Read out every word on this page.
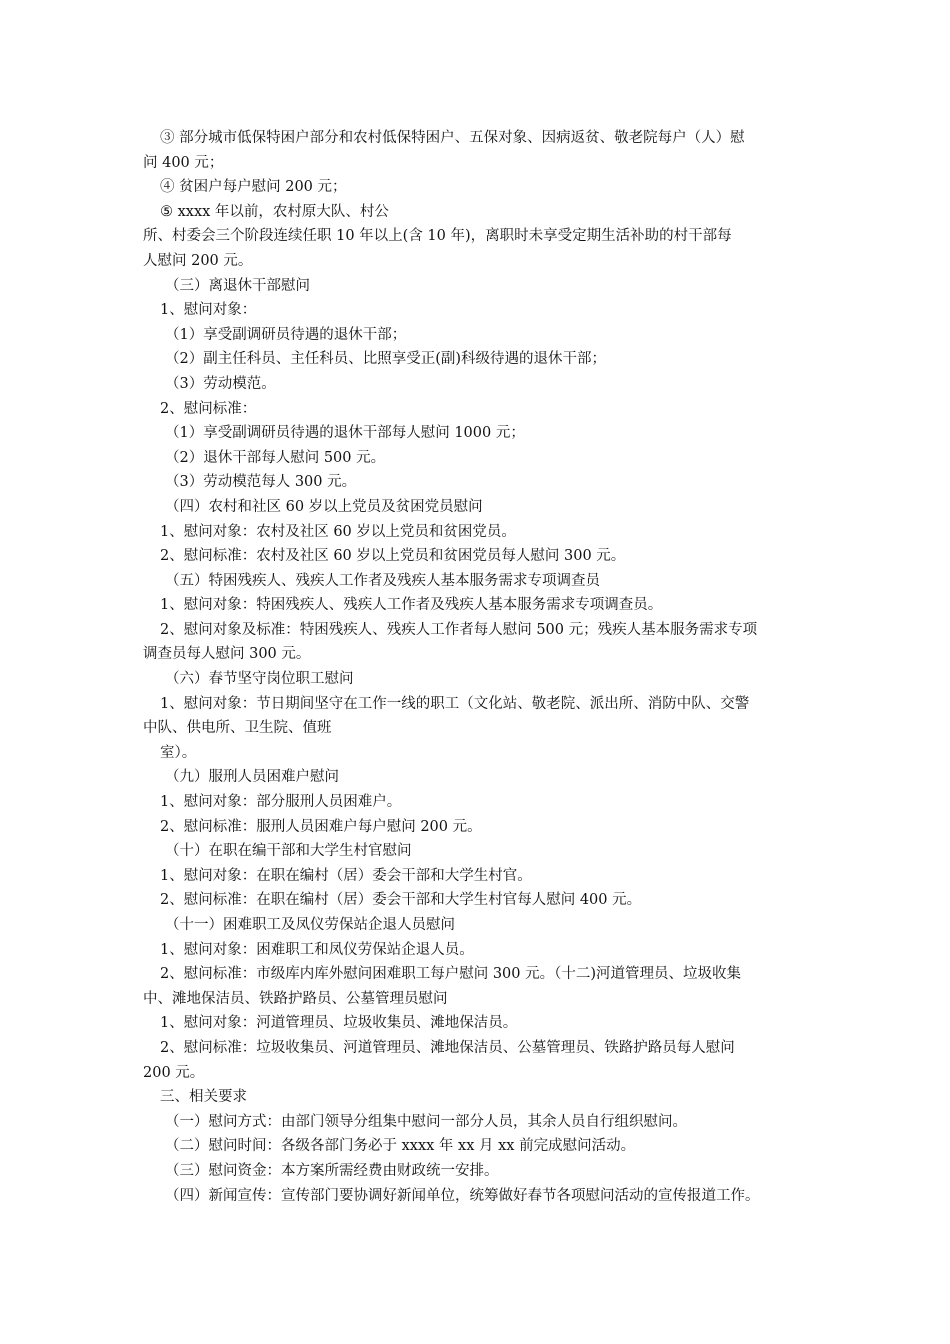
③ 部分城市低保特困户部分和农村低保特困户、五保对象、因病返贫、敬老院每户（人）慰
问 400 元；
④ 贫困户每户慰问 200 元；
⑤ xxxx 年以前，农村原大队、村公
所、村委会三个阶段连续任职 10 年以上(含 10 年)，离职时未享受定期生活补助的村干部每
人慰问 200 元。
（三）离退休干部慰问
1、慰问对象：
（1）享受副调研员待遇的退休干部；
（2）副主任科员、主任科员、比照享受正(副)科级待遇的退休干部；
（3）劳动模范。
2、慰问标准：
（1）享受副调研员待遇的退休干部每人慰问 1000 元；
（2）退休干部每人慰问 500 元。
（3）劳动模范每人 300 元。
（四）农村和社区 60 岁以上党员及贫困党员慰问
1、慰问对象：农村及社区 60 岁以上党员和贫困党员。
2、慰问标准：农村及社区 60 岁以上党员和贫困党员每人慰问 300 元。
（五）特困残疾人、残疾人工作者及残疾人基本服务需求专项调查员
1、慰问对象：特困残疾人、残疾人工作者及残疾人基本服务需求专项调查员。
2、慰问对象及标准：特困残疾人、残疾人工作者每人慰问 500 元；残疾人基本服务需求专项
调查员每人慰问 300 元。
（六）春节坚守岗位职工慰问
1、慰问对象：节日期间坚守在工作一线的职工（文化站、敬老院、派出所、消防中队、交警
中队、供电所、卫生院、值班
室）。
（九）服刑人员困难户慰问
1、慰问对象：部分服刑人员困难户。
2、慰问标准：服刑人员困难户每户慰问 200 元。
（十）在职在编干部和大学生村官慰问
1、慰问对象：在职在编村（居）委会干部和大学生村官。
2、慰问标准：在职在编村（居）委会干部和大学生村官每人慰问 400 元。
（十一）困难职工及凤仪劳保站企退人员慰问
1、慰问对象：困难职工和凤仪劳保站企退人员。
2、慰问标准：市级库内库外慰问困难职工每户慰问 300 元。（十二)河道管理员、垃圾收集
中、滩地保洁员、铁路护路员、公墓管理员慰问
1、慰问对象：河道管理员、垃圾收集员、滩地保洁员。
2、慰问标准：垃圾收集员、河道管理员、滩地保洁员、公墓管理员、铁路护路员每人慰问
200 元。
三、相关要求
（一）慰问方式：由部门领导分组集中慰问一部分人员，其余人员自行组织慰问。
（二）慰问时间：各级各部门务必于 xxxx 年 xx 月 xx 前完成慰问活动。
（三）慰问资金：本方案所需经费由财政统一安排。
（四）新闻宣传：宣传部门要协调好新闻单位，统筹做好春节各项慰问活动的宣传报道工作。
